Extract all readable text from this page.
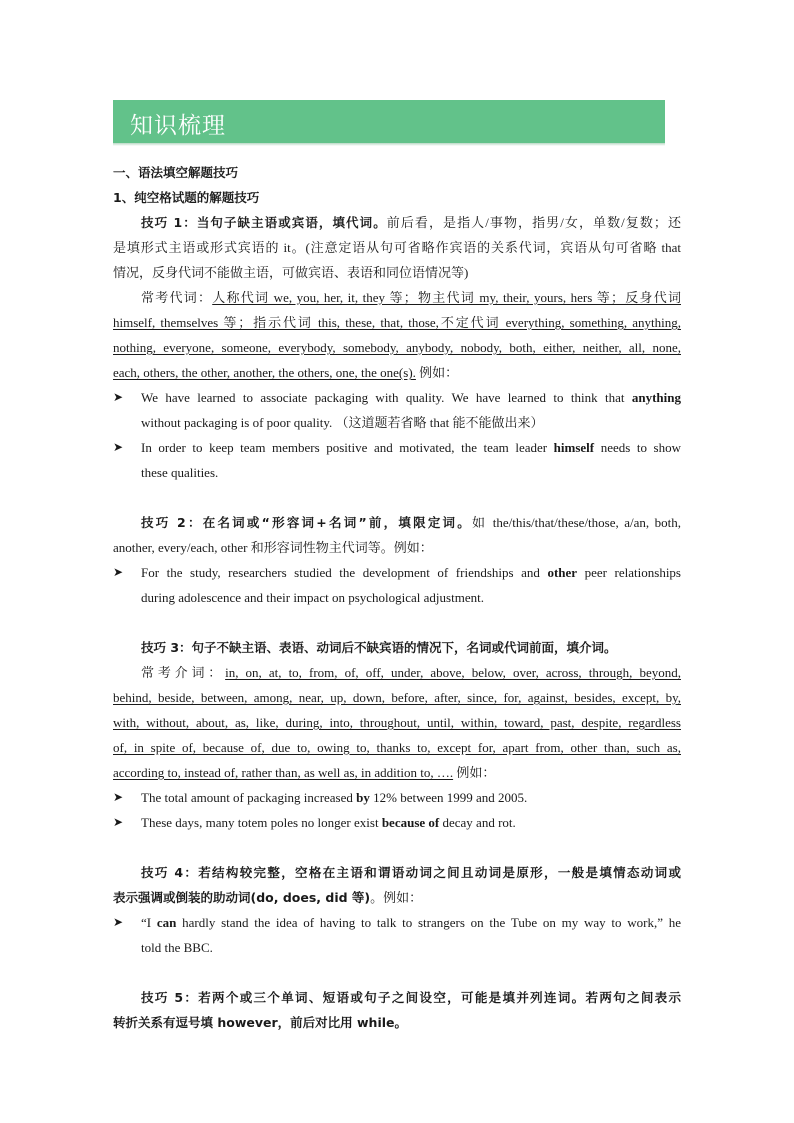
知识梳理
一、语法填空解题技巧
1、纯空格试题的解题技巧
技巧 1：当句子缺主语或宾语，填代词。前后看，是指人/事物，指男/女，单数/复数；还
是填形式主语或形式宾语的 it。(注意定语从句可省略作宾语的关系代词，宾语从句可省略 that
情况，反身代词不能做主语，可做宾语、表语和同位语情况等)
常考代词：人称代词 we, you, her, it, they 等；物主代词 my, their, yours, hers 等；反身代词
himself, themselves 等；指示代词 this, these, that, those,不定代词 everything, something, anything,
nothing, everyone, someone, everybody, somebody, anybody, nobody, both, either, neither, all, none,
each, others, the other, another, the others, one, the one(s). 例如：
➤ We have learned to associate packaging with quality. We have learned to think that anything
without packaging is of poor quality. （这道题若省略 that 能不能做出来）
➤ In order to keep team members positive and motivated, the team leader himself needs to show
these qualities.
技巧 2：在名词或“形容词+名词”前，填限定词。如 the/this/that/these/those, a/an, both,
another, every/each, other 和形容词性物主代词等。例如：
➤ For the study, researchers studied the development of friendships and other peer relationships
during adolescence and their impact on psychological adjustment.
技巧 3：句子不缺主语、表语、动词后不缺宾语的情况下，名词或代词前面，填介词。
常考介词：in, on, at, to, from, of, off, under, above, below, over, across, through, beyond,
behind, beside, between, among, near, up, down, before, after, since, for, against, besides, except, by,
with, without, about, as, like, during, into, throughout, until, within, toward, past, despite, regardless
of, in spite of, because of, due to, owing to, thanks to, except for, apart from, other than, such as,
according to, instead of, rather than, as well as, in addition to, …. 例如：
➤ The total amount of packaging increased by 12% between 1999 and 2005.
➤ These days, many totem poles no longer exist because of decay and rot.
技巧 4：若结构较完整，空格在主语和谓语动词之间且动词是原形，一般是填情态动词或
表示强调或倒装的助动词(do, does, did 等)。例如：
➤ “I can hardly stand the idea of having to talk to strangers on the Tube on my way to work,” he
told the BBC.
技巧 5：若两个或三个单词、短语或句子之间设空，可能是填并列连词。若两句之间表示
转折关系有逗号填 however，前后对比用 while。
